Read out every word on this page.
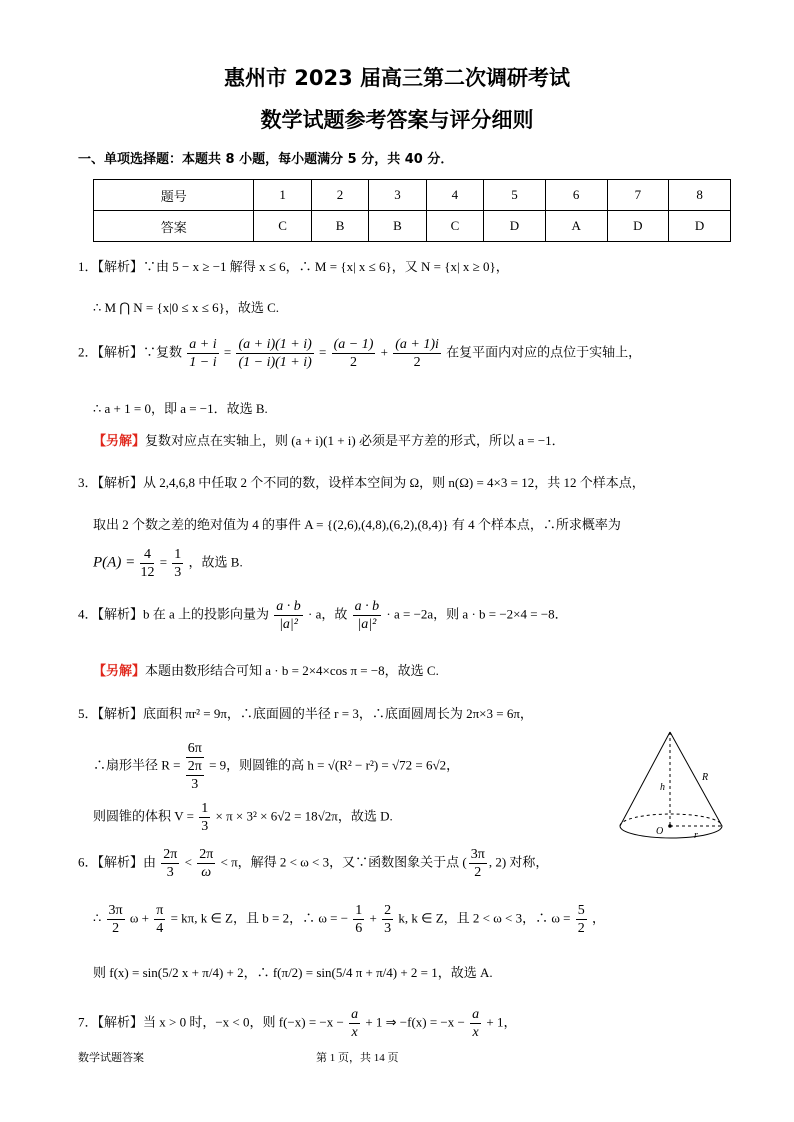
惠州市 2023 届高三第二次调研考试
数学试题参考答案与评分细则
一、单项选择题：本题共 8 小题，每小题满分 5 分，共 40 分．
题号	1	2	3	4	5	6	7	8
答案	C	B	B	C	D	A	D	D
1．【解析】∵由 5 − x ≥ −1 解得 x ≤ 6，∴ M = {x| x ≤ 6}，又 N = {x| x ≥ 0}，
∴ M ⋂ N = {x|0 ≤ x ≤ 6}，故选 C.
2．【解析】∵复数 $\frac{a + i}{1 - i} = \frac{(a + i)(1 + i)}{(1 - i)(1 + i)} = \frac{(a - 1)}{2} + \frac{(a + 1)i}{2}$ 在复平面内对应的点位于实轴上，
∴ a + 1 = 0，即 a = −1．故选 B.
【另解】复数对应点在实轴上，则 (a + i)(1 + i) 必须是平方差的形式，所以 a = −1．
3．【解析】从 2,4,6,8 中任取 2 个不同的数，设样本空间为 Ω，则 n(Ω) = 4×3 = 12，共 12 个样本点，
取出 2 个数之差的绝对值为 4 的事件 A = {(2,6),(4,8),(6,2),(8,4)} 有 4 个样本点，∴所求概率为
$P(A) = \frac{4}{12} = \frac{1}{3}$ ，故选 B.
4．【解析】b 在 a 上的投影向量为 $\frac{a \cdot b}{\text{|a|²}} \cdot a$，故 $\frac{a \cdot b}{\text{|a|²}} \cdot a = -2a$，则 a · b = −2×4 = −8．
【另解】本题由数形结合可知 a · b = 2×4×cos π = −8，故选 C.
5．【解析】底面积 πr² = 9π，∴底面圆的半径 r = 3，∴底面圆周长为 2π×3 = 6π，
∴扇形半径 R =
6π
2π
3
= 9，则圆锥的高 h = √(R² − r²) = √72 = 6√2，
则圆锥的体积 $V = \frac{1}{3} \times \pi \times 3^2 \times 6√2 = 18√2\pi$，故选 D.
R
h
O	r
6．【解析】由 $\frac{2\pi}{3} < \frac{2\pi}{\omega} < \pi$，解得 2 < ω < 3，又∵函数图象关于点 ( $\frac{3\pi}{2}$ , 2) 对称，
∴ $\frac{3\pi}{2}$ $\omega + \frac{\pi}{4} = k\pi$, k ∈ Z，且 b = 2，∴ ω = − $\frac{1}{6} + \frac{2}{3} k$, k ∈ Z，且 2 < ω < 3，∴ $\omega = \frac{5}{2}$ ，
则 f(x) = sin(5/2 x + π/4) + 2，∴ f(π/2) = sin(5/4 π + π/4) + 2 = 1，故选 A.
7．【解析】当 x > 0 时，−x < 0，则 $f(-x) = -x - \frac{a}{x} + 1$ ⇒ $-f(x) = -x - \frac{a}{x} + 1$，
数学试题答案	第 1 页，共 14 页
